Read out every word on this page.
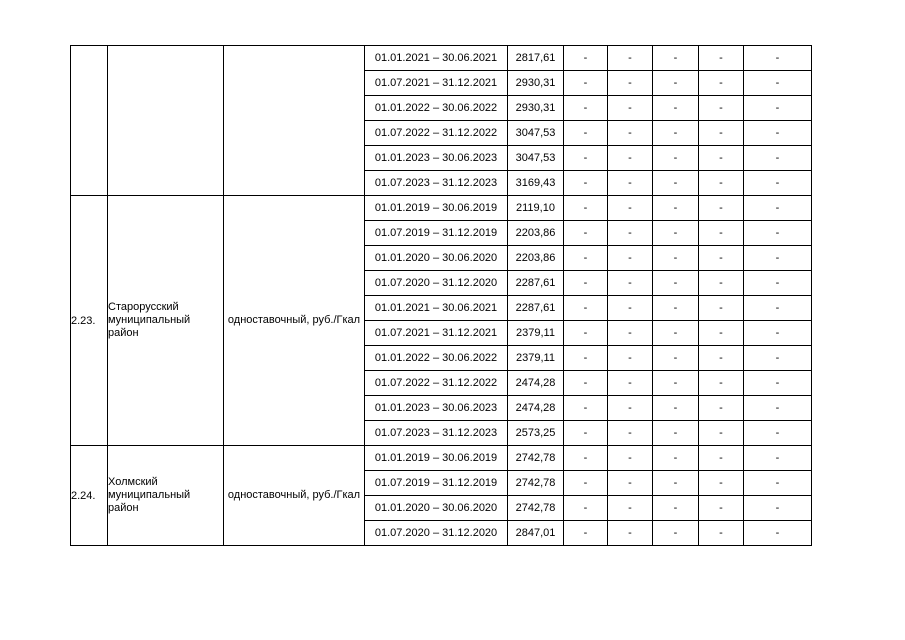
			01.01.2021 – 30.06.2021	2817,61	-	-	-	-	-
			01.07.2021 – 31.12.2021	2930,31	-	-	-	-	-
			01.01.2022 – 30.06.2022	2930,31	-	-	-	-	-
			01.07.2022 – 31.12.2022	3047,53	-	-	-	-	-
			01.01.2023 – 30.06.2023	3047,53	-	-	-	-	-
			01.07.2023 – 31.12.2023	3169,43	-	-	-	-	-
2.23.	Старорусский муниципальный район	одноставочный, руб./Гкал	01.01.2019 – 30.06.2019	2119,10	-	-	-	-	-
			01.07.2019 – 31.12.2019	2203,86	-	-	-	-	-
			01.01.2020 – 30.06.2020	2203,86	-	-	-	-	-
			01.07.2020 – 31.12.2020	2287,61	-	-	-	-	-
			01.01.2021 – 30.06.2021	2287,61	-	-	-	-	-
			01.07.2021 – 31.12.2021	2379,11	-	-	-	-	-
			01.01.2022 – 30.06.2022	2379,11	-	-	-	-	-
			01.07.2022 – 31.12.2022	2474,28	-	-	-	-	-
			01.01.2023 – 30.06.2023	2474,28	-	-	-	-	-
			01.07.2023 – 31.12.2023	2573,25	-	-	-	-	-
2.24.	Холмский муниципальный район	одноставочный, руб./Гкал	01.01.2019 – 30.06.2019	2742,78	-	-	-	-	-
			01.07.2019 – 31.12.2019	2742,78	-	-	-	-	-
			01.01.2020 – 30.06.2020	2742,78	-	-	-	-	-
			01.07.2020 – 31.12.2020	2847,01	-	-	-	-	-
